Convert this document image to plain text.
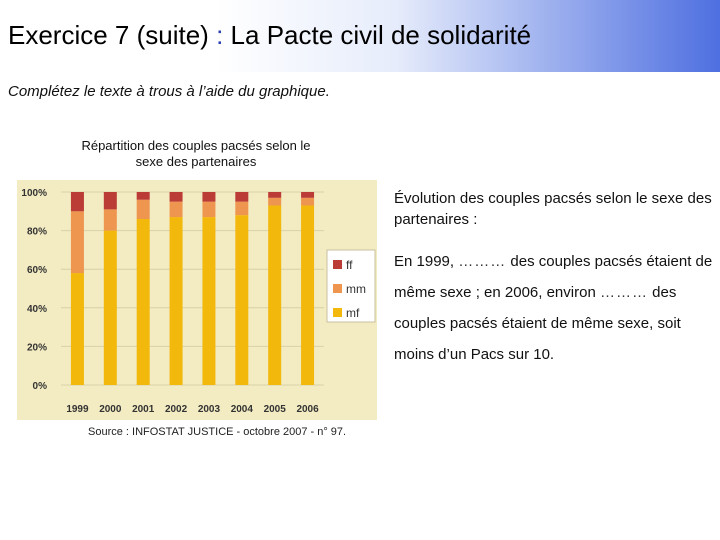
Exercice 7 (suite) : La Pacte civil de solidarité
Complétez le texte à trous à l’aide du graphique.
Répartition des couples pacsés selon le sexe des partenaires
0%
20%
40%
60%
80%
100%
1999 2000 2001 2002 2003 2004 2005 2006
ff
mm
mf
Source : INFOSTAT JUSTICE - octobre 2007 - n° 97.
Évolution des couples pacsés selon le sexe des partenaires :
En 1999, ……… des couples pacsés étaient de même sexe ; en 2006, environ ……… des couples pacsés étaient de même sexe, soit moins d’un Pacs sur 10.
